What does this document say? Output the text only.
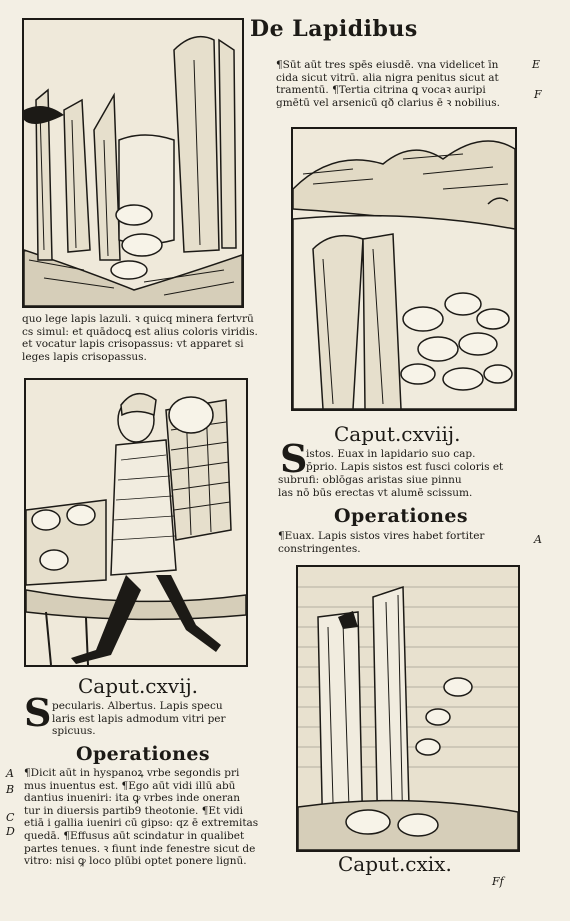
De Lapidibus
¶Sūt aūt tres spēs eiusdē. vna videlicet īn
cida sicut vitrū. alia nigra penitus sicut at
tramentū. ¶Tertia citrina ꝗ vocaꝛ auripi
gmētū vel arsenicū qð clarius ē ꝛ nobilius.
E
F
quo lege lapis lazuli. ꝛ quicq minera fertvrū
cs simul: et quādocꝗ est alius coloris viridis.
et vocatur lapis crisopassus: vt apparet si
leges lapis crisopassus.
Caput.cxviij.
S
istos. Euax in lapidario suo cap.
p̄prio. Lapis sistos est fusci coloris et
subrufi: oblōgas aristas siue pinnu
las nō būs erectas vt alumē scissum.
Operationes
¶Euax. Lapis sistos vires habet fortiter
constringentes.
A
Caput.cxvij.
S pecularis. Albertus. Lapis specu
laris est lapis admodum vitri per
spicuus.
Operationes
¶Dicit aūt in hyspanoꝝ vrbe segondis pri
mus inuentus est. ¶Ego aūt vidi illū abū
dantius inueniri: ita ꝙ vrbes inde oneran
tur in diuersis partib9 theotonie. ¶Et vidi
etiā i gallia iueniri cū gipso: qz ē extremitas
quedā. ¶Effusus aūt scindatur in qualibet
partes tenues. ꝛ fiunt inde fenestre sicut de
vitro: nisi ꝙ loco plūbi optet ponere lignū.
A
B
C
D
Caput.cxix.
Ff
